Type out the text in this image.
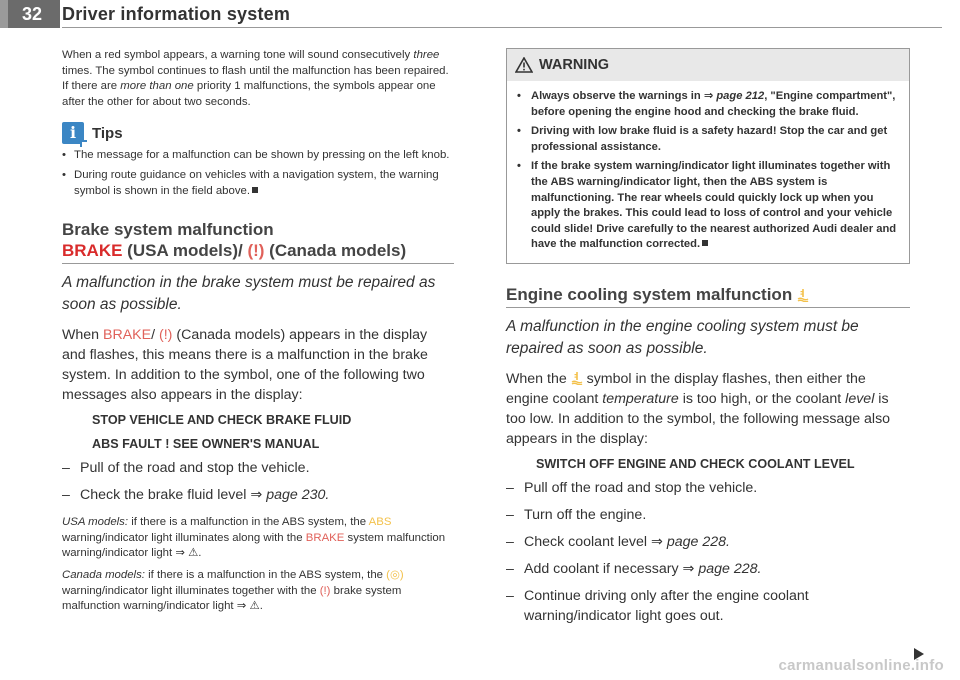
32	Driver information system

When a red symbol appears, a warning tone will sound consecutively three times. The symbol continues to flash until the malfunction has been repaired. If there are more than one priority 1 malfunctions, the symbols appear one after the other for about two seconds.

i	Tips
• The message for a malfunction can be shown by pressing on the left knob.
• During route guidance on vehicles with a navigation system, the warning symbol is shown in the field above.
Brake system malfunction
BRAKE (USA models)/ (!) (Canada models)

A malfunction in the brake system must be repaired as soon as possible.

When BRAKE/ (!) (Canada models) appears in the display and flashes, this means there is a malfunction in the brake system. In addition to the symbol, one of the following two messages also appears in the display:

STOP VEHICLE AND CHECK BRAKE FLUID
ABS FAULT ! SEE OWNER'S MANUAL
– Pull of the road and stop the vehicle.
– Check the brake fluid level ⇒ page 230.

USA models: if there is a malfunction in the ABS system, the ABS warning/indicator light illuminates along with the BRAKE system malfunction warning/indicator light ⇒ ⚠.

Canada models: if there is a malfunction in the ABS system, the (◎) warning/indicator light illuminates together with the (!) brake system malfunction warning/indicator light ⇒ ⚠.

WARNING
• Always observe the warnings in ⇒ page 212, "Engine compartment", before opening the engine hood and checking the brake fluid.
• Driving with low brake fluid is a safety hazard! Stop the car and get professional assistance.
• If the brake system warning/indicator light illuminates together with the ABS warning/indicator light, then the ABS system is malfunctioning. The rear wheels could quickly lock up when you apply the brakes. This could lead to loss of control and your vehicle could slide! Drive carefully to the nearest authorized Audi dealer and have the malfunction corrected.
Engine cooling system malfunction

A malfunction in the engine cooling system must be repaired as soon as possible.

When the  symbol in the display flashes, then either the engine coolant temperature is too high, or the coolant level is too low. In addition to the symbol, the following message also appears in the display:

SWITCH OFF ENGINE AND CHECK COOLANT LEVEL
– Pull off the road and stop the vehicle.
– Turn off the engine.
– Check coolant level ⇒ page 228.
– Add coolant if necessary ⇒ page 228.
– Continue driving only after the engine coolant warning/indicator light goes out.
carmanualsonline.info
